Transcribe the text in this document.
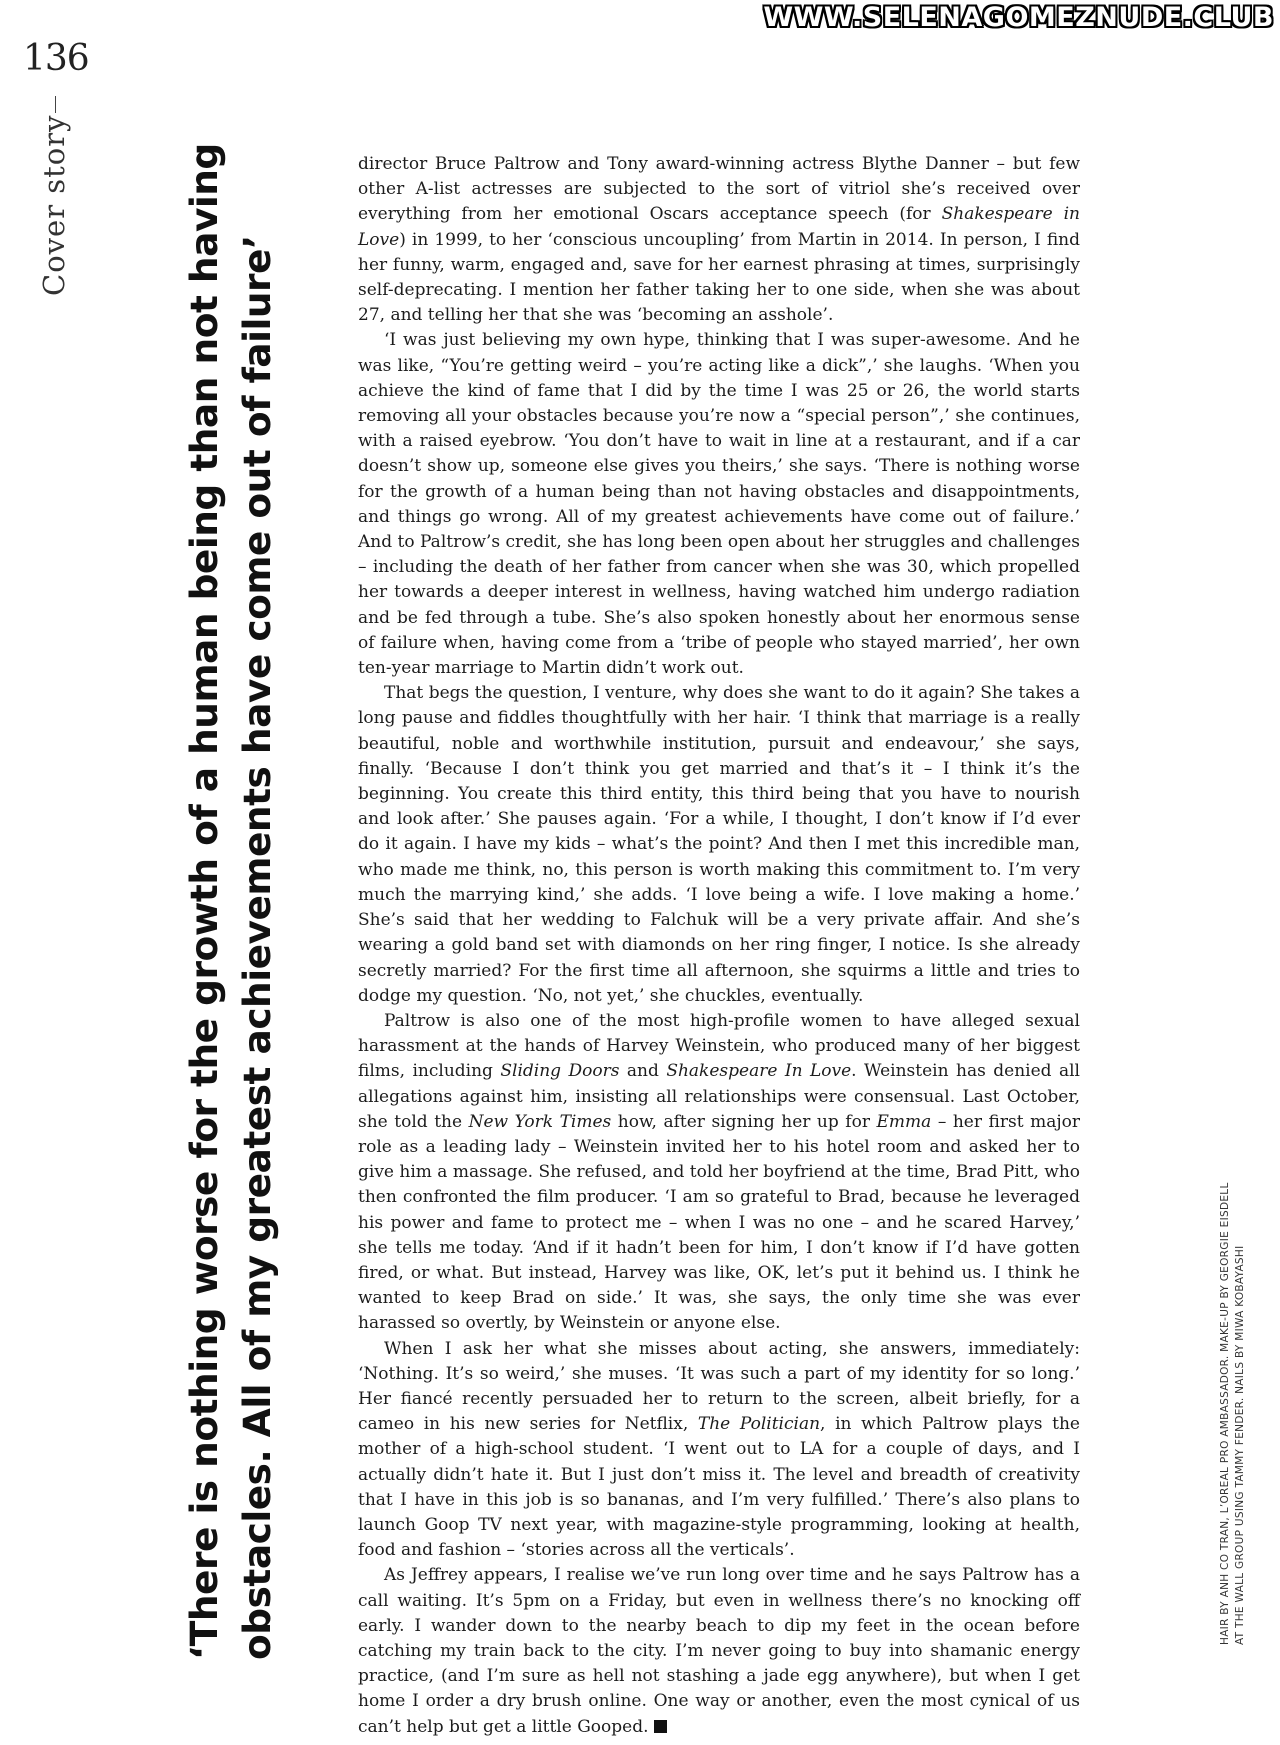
WWW.SELENAGOMEZNUDE.CLUB
136
Cover story	‘There is nothing worse for the growth of a human being than not having obstacles. All of my greatest achievements have come out of failure’

director Bruce Paltrow and Tony award-winning actress Blythe Danner – but few other A-list actresses are subjected to the sort of vitriol she’s received over everything from her emotional Oscars acceptance speech (for Shakespeare in Love) in 1999, to her ‘conscious uncoupling’ from Martin in 2014. In person, I find her funny, warm, engaged and, save for her earnest phrasing at times, surprisingly self-deprecating. I mention her father taking her to one side, when she was about 27, and telling her that she was ‘becoming an asshole’.

‘I was just believing my own hype, thinking that I was super-awesome. And he was like, “You’re getting weird – you’re acting like a dick”,’ she laughs. ‘When you achieve the kind of fame that I did by the time I was 25 or 26, the world starts removing all your obstacles because you’re now a “special person”,’ she continues, with a raised eyebrow. ‘You don’t have to wait in line at a restaurant, and if a car doesn’t show up, someone else gives you theirs,’ she says. ‘There is nothing worse for the growth of a human being than not having obstacles and disappointments, and things go wrong. All of my greatest achievements have come out of failure.’ And to Paltrow’s credit, she has long been open about her struggles and challenges – including the death of her father from cancer when she was 30, which propelled her towards a deeper interest in wellness, having watched him undergo radiation and be fed through a tube. She’s also spoken honestly about her enormous sense of failure when, having come from a ‘tribe of people who stayed married’, her own ten-year marriage to Martin didn’t work out.

That begs the question, I venture, why does she want to do it again? She takes a long pause and fiddles thoughtfully with her hair. ‘I think that marriage is a really beautiful, noble and worthwhile institution, pursuit and endeavour,’ she says, finally. ‘Because I don’t think you get married and that’s it – I think it’s the beginning. You create this third entity, this third being that you have to nourish and look after.’ She pauses again. ‘For a while, I thought, I don’t know if I’d ever do it again. I have my kids – what’s the point? And then I met this incredible man, who made me think, no, this person is worth making this commitment to. I’m very much the marrying kind,’ she adds. ‘I love being a wife. I love making a home.’ She’s said that her wedding to Falchuk will be a very private affair. And she’s wearing a gold band set with diamonds on her ring finger, I notice. Is she already secretly married? For the first time all afternoon, she squirms a little and tries to dodge my question. ‘No, not yet,’ she chuckles, eventually.

Paltrow is also one of the most high-profile women to have alleged sexual harassment at the hands of Harvey Weinstein, who produced many of her biggest films, including Sliding Doors and Shakespeare In Love. Weinstein has denied all allegations against him, insisting all relationships were consensual. Last October, she told the New York Times how, after signing her up for Emma – her first major role as a leading lady – Weinstein invited her to his hotel room and asked her to give him a massage. She refused, and told her boyfriend at the time, Brad Pitt, who then confronted the film producer. ‘I am so grateful to Brad, because he leveraged his power and fame to protect me – when I was no one – and he scared Harvey,’ she tells me today. ‘And if it hadn’t been for him, I don’t know if I’d have gotten fired, or what. But instead, Harvey was like, OK, let’s put it behind us. I think he wanted to keep Brad on side.’ It was, she says, the only time she was ever harassed so overtly, by Weinstein or anyone else.

When I ask her what she misses about acting, she answers, immediately: ‘Nothing. It’s so weird,’ she muses. ‘It was such a part of my identity for so long.’ Her fiancé recently persuaded her to return to the screen, albeit briefly, for a cameo in his new series for Netflix, The Politician, in which Paltrow plays the mother of a high-school student. ‘I went out to LA for a couple of days, and I actually didn’t hate it. But I just don’t miss it. The level and breadth of creativity that I have in this job is so bananas, and I’m very fulfilled.’ There’s also plans to launch Goop TV next year, with magazine-style programming, looking at health, food and fashion – ‘stories across all the verticals’.

As Jeffrey appears, I realise we’ve run long over time and he says Paltrow has a call waiting. It’s 5pm on a Friday, but even in wellness there’s no knocking off early. I wander down to the nearby beach to dip my feet in the ocean before catching my train back to the city. I’m never going to buy into shamanic energy practice, (and I’m sure as hell not stashing a jade egg anywhere), but when I get home I order a dry brush online. One way or another, even the most cynical of us can’t help but get a little Gooped.

HAIR BY ANH CO TRAN, L’OREAL PRO AMBASSADOR. MAKE-UP BY GEORGIE EISDELL AT THE WALL GROUP USING TAMMY FENDER. NAILS BY MIWA KOBAYASHI
